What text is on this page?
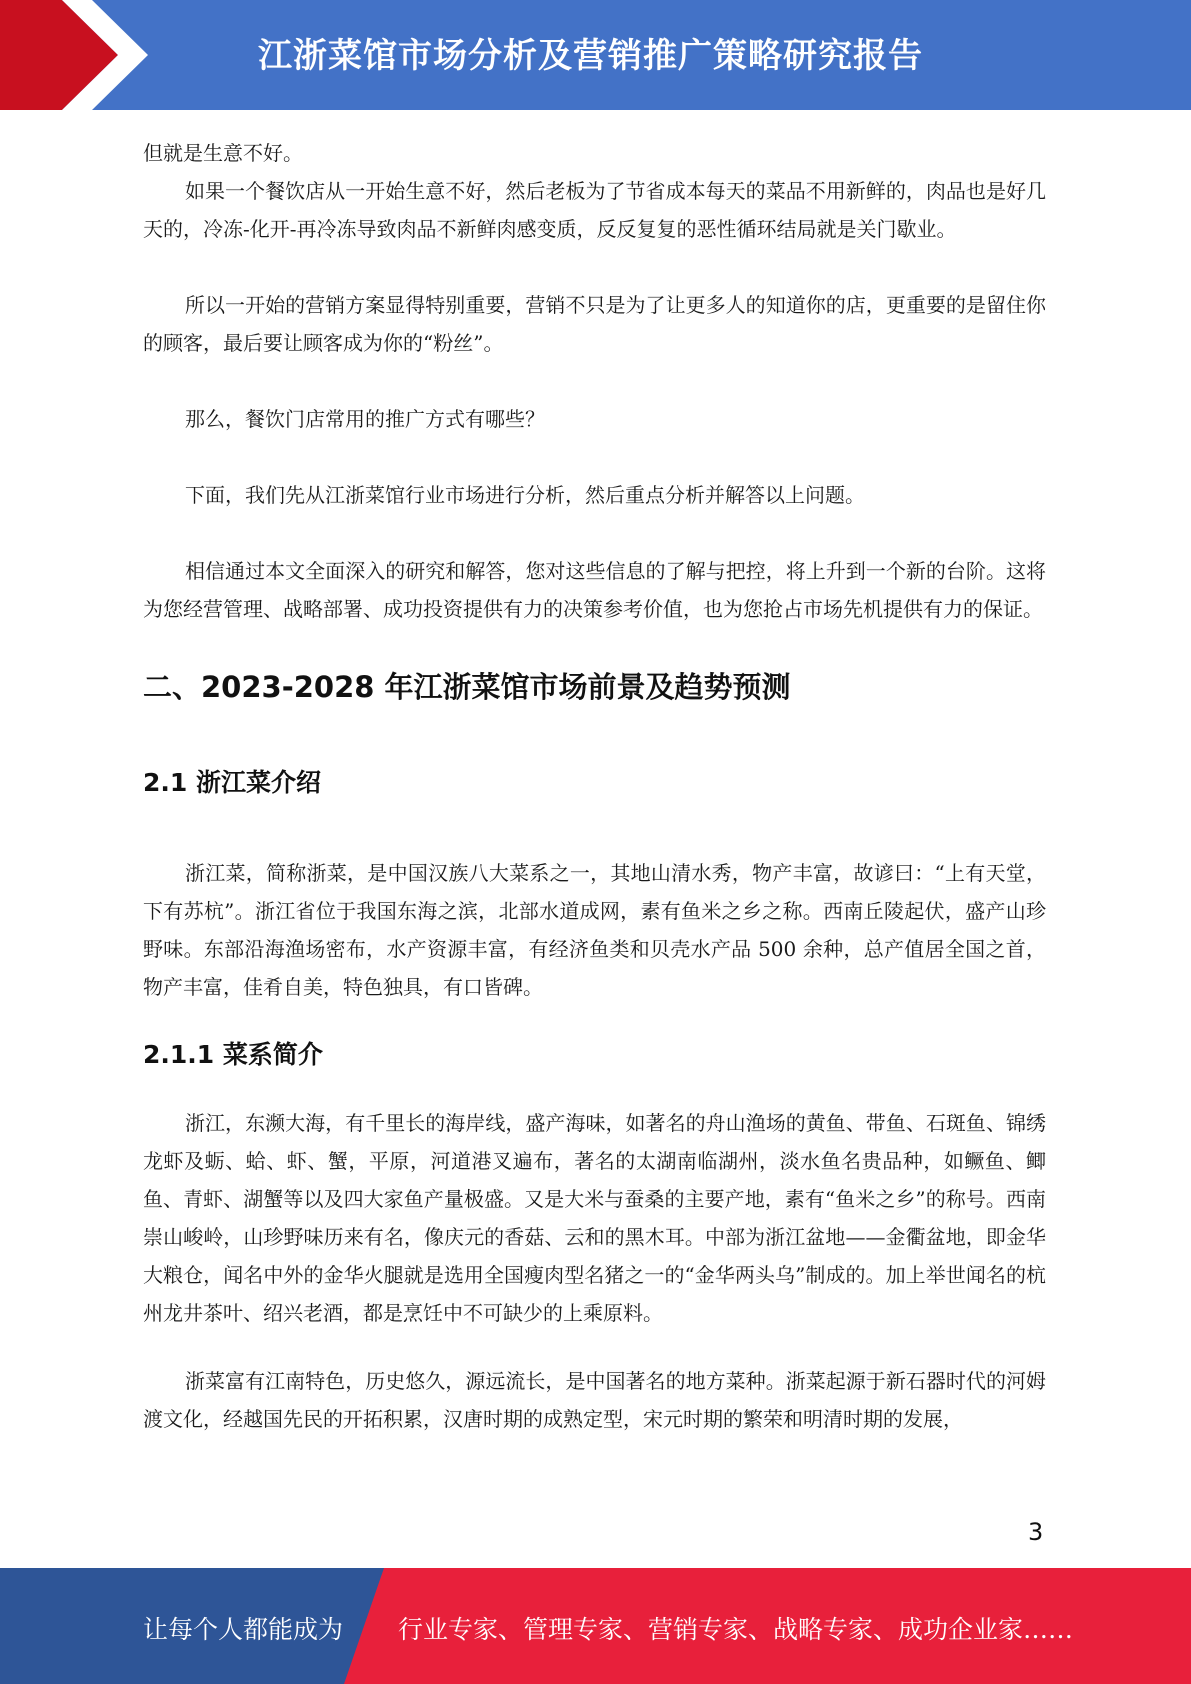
江浙菜馆市场分析及营销推广策略研究报告

但就是生意不好。

如果一个餐饮店从一开始生意不好，然后老板为了节省成本每天的菜品不用新鲜的，肉品也是好几天的，冷冻-化开-再冷冻导致肉品不新鲜肉感变质，反反复复的恶性循环结局就是关门歇业。

所以一开始的营销方案显得特别重要，营销不只是为了让更多人的知道你的店，更重要的是留住你的顾客，最后要让顾客成为你的“粉丝”。

那么，餐饮门店常用的推广方式有哪些？

下面，我们先从江浙菜馆行业市场进行分析，然后重点分析并解答以上问题。

相信通过本文全面深入的研究和解答，您对这些信息的了解与把控，将上升到一个新的台阶。这将为您经营管理、战略部署、成功投资提供有力的决策参考价值，也为您抢占市场先机提供有力的保证。

二、2023-2028 年江浙菜馆市场前景及趋势预测
2.1 浙江菜介绍

浙江菜，简称浙菜，是中国汉族八大菜系之一，其地山清水秀，物产丰富，故谚曰：“上有天堂，下有苏杭”。浙江省位于我国东海之滨，北部水道成网，素有鱼米之乡之称。西南丘陵起伏，盛产山珍野味。东部沿海渔场密布，水产资源丰富，有经济鱼类和贝壳水产品 500 余种，总产值居全国之首，物产丰富，佳肴自美，特色独具，有口皆碑。

2.1.1 菜系简介

浙江，东濒大海，有千里长的海岸线，盛产海味，如著名的舟山渔场的黄鱼、带鱼、石斑鱼、锦绣龙虾及蛎、蛤、虾、蟹，平原，河道港叉遍布，著名的太湖南临湖州，淡水鱼名贵品种，如鳜鱼、鲫鱼、青虾、湖蟹等以及四大家鱼产量极盛。又是大米与蚕桑的主要产地，素有“鱼米之乡”的称号。西南崇山峻岭，山珍野味历来有名，像庆元的香菇、云和的黑木耳。中部为浙江盆地——金衢盆地，即金华大粮仓，闻名中外的金华火腿就是选用全国瘦肉型名猪之一的“金华两头乌”制成的。加上举世闻名的杭州龙井茶叶、绍兴老酒，都是烹饪中不可缺少的上乘原料。

浙菜富有江南特色，历史悠久，源远流长，是中国著名的地方菜种。浙菜起源于新石器时代的河姆渡文化，经越国先民的开拓积累，汉唐时期的成熟定型，宋元时期的繁荣和明清时期的发展，

3
让每个人都能成为 行业专家、管理专家、营销专家、战略专家、成功企业家……
